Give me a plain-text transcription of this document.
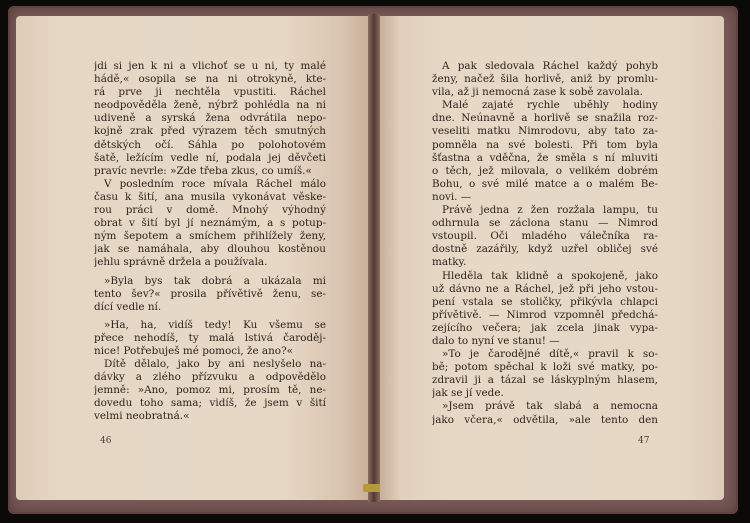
jdi si jen k ni a vlichoť se u ni, ty malé
hádě,« osopila se na ni otrokyně, kte-
rá prve ji nechtěla vpustiti. Ráchel
neodpověděla ženě, nýbrž pohlédla na ni
udiveně a syrská žena odvrátila nepo-
kojně zrak před výrazem těch smutných
dětských očí. Sáhla po polohotovém
šatě, ležícím vedle ní, podala jej děvčeti
pravíc nevrle: »Zde třeba zkus, co umíš.«
V posledním roce mívala Ráchel málo
času k šití, ana musila vykonávat věske-
rou práci v domě. Mnohý výhodný
obrat v šití byl jí neznámým, a s potup-
ným šepotem a smíchem přihlížely ženy,
jak se namáhala, aby dlouhou kostěnou
jehlu správně držela a používala.
»Byla bys tak dobrá a ukázala mi
tento šev?« prosila přívětivě ženu, se-
dící vedle ní.
»Ha, ha, vidíš tedy! Ku všemu se
přece nehodíš, ty malá lstivá čaroděj-
nice! Potřebuješ mé pomoci, že ano?«
Dítě dělalo, jako by ani neslyšelo na-
dávky a zlého přízvuku a odpovědělo
jemně: »Ano, pomoz mi, prosím tě, ne-
dovedu toho sama; vidíš, že jsem v šití
velmi neobratná.«
46
A pak sledovala Ráchel každý pohyb
ženy, načež šila horlivě, aniž by promlu-
vila, až ji nemocná zase k sobě zavolala.
Malé zajaté rychle uběhly hodiny
dne. Neúnavně a horlivě se snažila roz-
veseliti matku Nimrodovu, aby tato za-
pomněla na své bolesti. Při tom byla
šťastna a vděčna, že směla s ní mluviti
o těch, jež milovala, o velikém dobrém
Bohu, o své milé matce a o malém Be-
novi. —
Právě jedna z žen rozžala lampu, tu
odhrnula se záclona stanu — Nimrod
vstoupil. Oči mladého válečníka ra-
dostně zazářily, když uzřel obličej své
matky.
Hleděla tak klidně a spokojeně, jako
už dávno ne a Ráchel, jež při jeho vstou-
pení vstala se stoličky, přikývla chlapci
přívětivě. — Nimrod vzpomněl předchá-
zejícího večera; jak zcela jinak vypa-
dalo to nyní ve stanu! —
»To je čarodějné dítě,« pravil k so-
bě; potom spěchal k loži své matky, po-
zdravil ji a tázal se láskyplným hlasem,
jak se jí vede.
»Jsem právě tak slabá a nemocna
jako včera,« odvětila, »ale tento den
47
